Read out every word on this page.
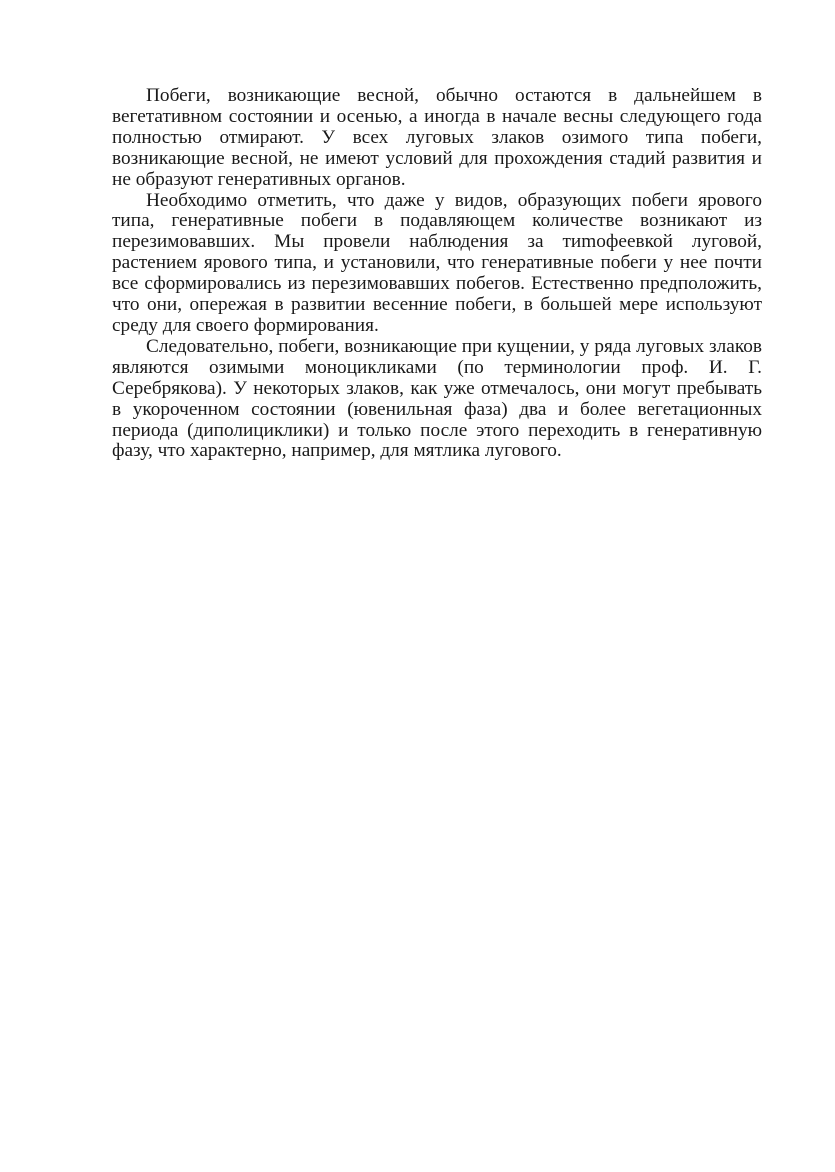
Побеги, возникающие весной, обычно остаются в дальнейшем в вегетативном состоянии и осенью, а иногда в начале весны следующего года полностью отмирают. У всех луговых злаков озимого типа побеги, возникающие весной, не имеют условий для прохождения стадий развития и не образуют генеративных органов.

Необходимо отметить, что даже у видов, образующих побеги ярового типа, генеративные побеги в подавляющем количестве возникают из перезимовавших. Мы провели наблюдения за тиmофеевкой луговой, растением ярового типа, и установили, что генеративные побеги у нее почти все сформировались из перезимовавших побегов. Естественно предположить, что они, опережая в развитии весенние побеги, в большей мере используют среду для своего формирования.

Следовательно, побеги, возникающие при кущении, у ряда луговых злаков являются озимыми моноцикликами (по терминологии проф. И. Г. Серебрякова). У некоторых злаков, как уже отмечалось, они могут пребывать в укороченном состоянии (ювенильная фаза) два и более вегетационных периода (диполициклики) и только после этого переходить в генеративную фазу, что характерно, например, для мятлика лугового.
